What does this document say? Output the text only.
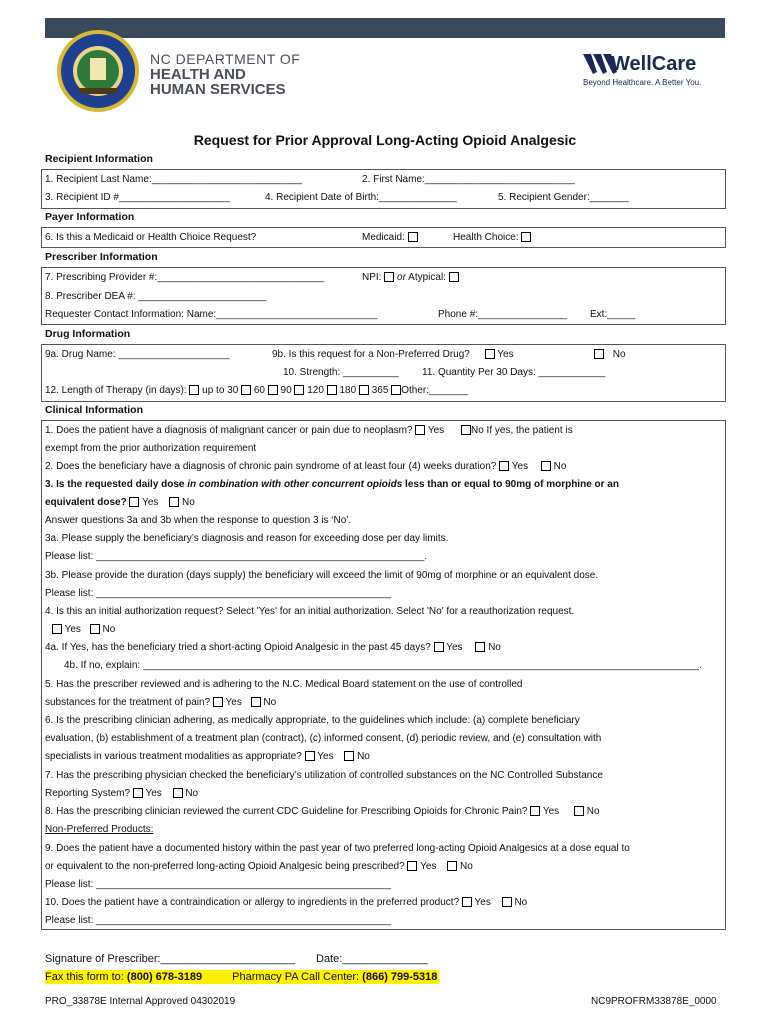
NC DEPARTMENT OF
HEALTH AND
HUMAN SERVICES
WellCare
Beyond Healthcare. A Better You.
Request for Prior Approval Long-Acting Opioid Analgesic
Recipient Information
1. Recipient Last Name:___________________________	2. First Name:___________________________
3. Recipient ID #____________________	4. Recipient Date of Birth:______________	5. Recipient Gender:_______
Payer Information
6. Is this a Medicaid or Health Choice Request?	Medicaid:	Health Choice:
Prescriber Information
7. Prescribing Provider #:______________________________	NPI: or Atypical:
8. Prescriber DEA #: _______________________
Requester Contact Information: Name:_____________________________	Phone #:________________ Ext:_____
Drug Information
9a. Drug Name: ____________________	9b. Is this request for a Non-Preferred Drug?	Yes	No
10. Strength: __________ 11. Quantity Per 30 Days: ____________
12. Length of Therapy (in days): up to 30 60 90 120 180 365 Other:_______
Clinical Information
1. Does the patient have a diagnosis of malignant cancer or pain due to neoplasm? Yes	No If yes, the patient is
exempt from the prior authorization requirement
2. Does the beneficiary have a diagnosis of chronic pain syndrome of at least four (4) weeks duration? Yes	No
3. Is the requested daily dose in combination with other concurrent opioids less than or equal to 90mg of morphine or an
equivalent dose? Yes No
Answer questions 3a and 3b when the response to question 3 is ‘No’.
3a. Please supply the beneficiary’s diagnosis and reason for exceeding dose per day limits.
Please list: ___________________________________________________________.
3b. Please provide the duration (days supply) the beneficiary will exceed the limit of 90mg of morphine or an equivalent dose.
Please list: _____________________________________________________
4. Is this an initial authorization request? Select 'Yes' for an initial authorization. Select 'No' for a reauthorization request.
Yes No
4a. If Yes, has the beneficiary tried a short-acting Opioid Analgesic in the past 45 days? Yes	No
4b. If no, explain: ____________________________________________________________________________________________________.
5. Has the prescriber reviewed and is adhering to the N.C. Medical Board statement on the use of controlled
substances for the treatment of pain? Yes No
6. Is the prescribing clinician adhering, as medically appropriate, to the guidelines which include: (a) complete beneficiary
evaluation, (b) establishment of a treatment plan (contract), (c) informed consent, (d) periodic review, and (e) consultation with
specialists in various treatment modalities as appropriate? Yes No
7. Has the prescribing physician checked the beneficiary’s utilization of controlled substances on the NC Controlled Substance
Reporting System? Yes No
8. Has the prescribing clinician reviewed the current CDC Guideline for Prescribing Opioids for Chronic Pain? Yes	No
Non-Preferred Products:
9. Does the patient have a documented history within the past year of two preferred long-acting Opioid Analgesics at a dose equal to
or equivalent to the non-preferred long-acting Opioid Analgesic being prescribed? Yes No
Please list: _____________________________________________________
10. Does the patient have a contraindication or allergy to ingredients in the preferred product? Yes No
Please list: _____________________________________________________
Signature of Prescriber:______________________ Date:______________
Fax this form to: (800) 678-3189	Pharmacy PA Call Center: (866) 799-5318
PRO_33878E Internal Approved 04302019	NC9PROFRM33878E_0000
